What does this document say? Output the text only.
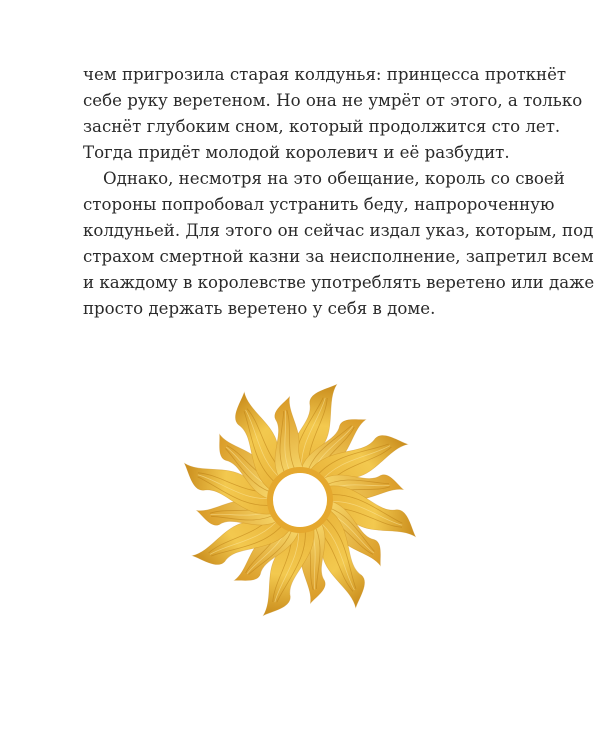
чем пригрозила старая колдунья: принцесса проткнёт
себе руку веретеном. Но она не умрёт от этого, а только
заснёт глубоким сном, который продолжится сто лет.
Тогда придёт молодой королевич и её разбудит.
Однако, несмотря на это обещание, король со своей
стороны попробовал устранить беду, напророченную
колдуньей. Для этого он сейчас издал указ, которым, под
страхом смертной казни за неисполнение, запретил всем
и каждому в королевстве употреблять веретено или даже
просто держать веретено у себя в доме.
